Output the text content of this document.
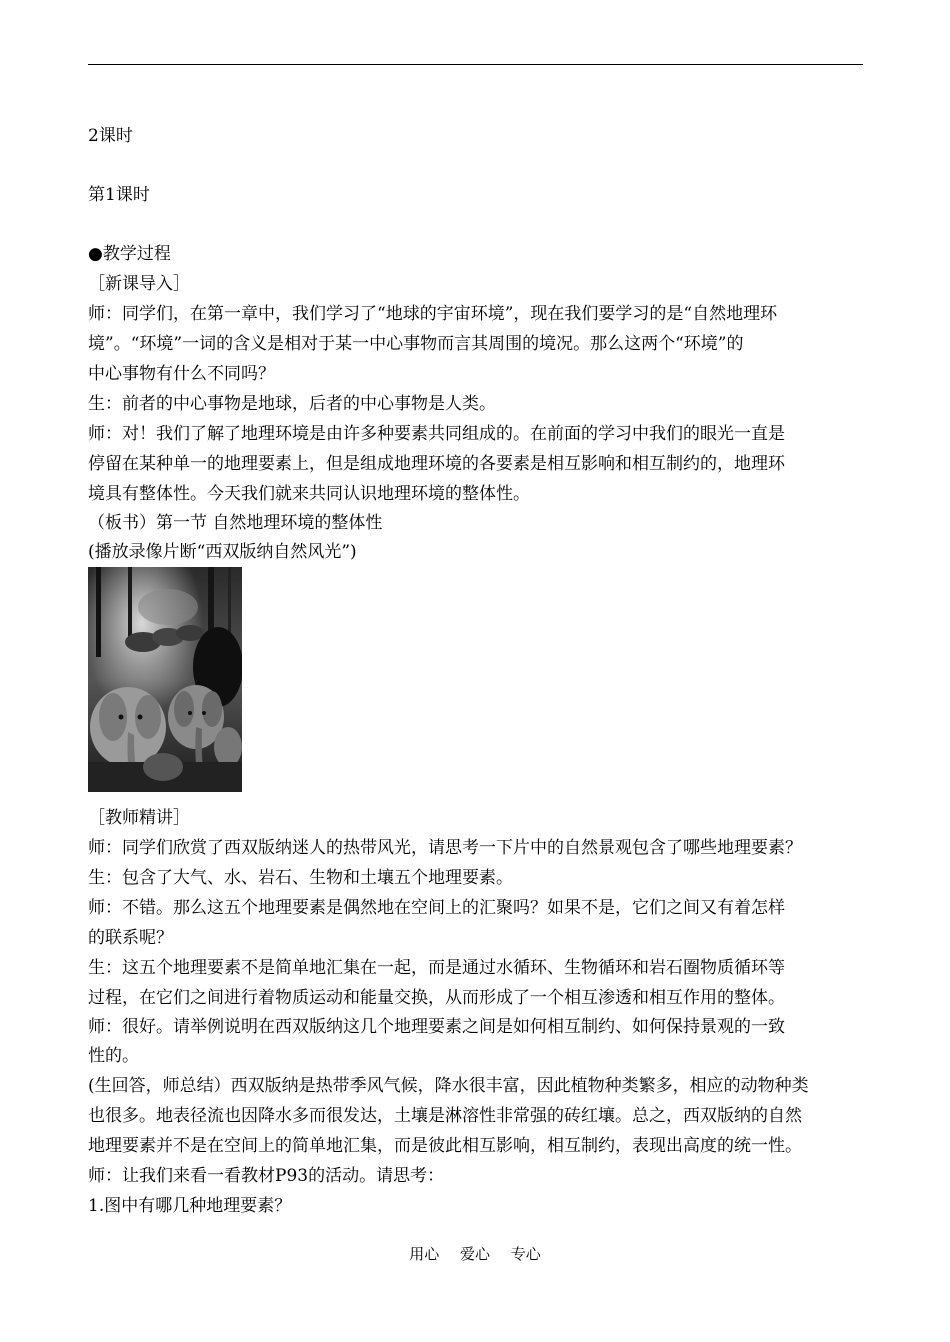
2课时
第1课时
●教学过程
［新课导入］
师：同学们，在第一章中，我们学习了“地球的宇宙环境”，现在我们要学习的是“自然地理环
境”。“环境”一词的含义是相对于某一中心事物而言其周围的境况。那么这两个“环境”的
中心事物有什么不同吗？
生：前者的中心事物是地球，后者的中心事物是人类。
师：对！我们了解了地理环境是由许多种要素共同组成的。在前面的学习中我们的眼光一直是
停留在某种单一的地理要素上，但是组成地理环境的各要素是相互影响和相互制约的，地理环
境具有整体性。今天我们就来共同认识地理环境的整体性。
（板书）第一节 自然地理环境的整体性
(播放录像片断“西双版纳自然风光”)
［教师精讲］
师：同学们欣赏了西双版纳迷人的热带风光，请思考一下片中的自然景观包含了哪些地理要素？
生：包含了大气、水、岩石、生物和土壤五个地理要素。
师：不错。那么这五个地理要素是偶然地在空间上的汇聚吗？如果不是，它们之间又有着怎样
的联系呢？
生：这五个地理要素不是简单地汇集在一起，而是通过水循环、生物循环和岩石圈物质循环等
过程，在它们之间进行着物质运动和能量交换，从而形成了一个相互渗透和相互作用的整体。
师：很好。请举例说明在西双版纳这几个地理要素之间是如何相互制约、如何保持景观的一致
性的。
(生回答，师总结）西双版纳是热带季风气候，降水很丰富，因此植物种类繁多，相应的动物种类
也很多。地表径流也因降水多而很发达，土壤是淋溶性非常强的砖红壤。总之，西双版纳的自然
地理要素并不是在空间上的简单地汇集，而是彼此相互影响，相互制约，表现出高度的统一性。
师：让我们来看一看教材P93的活动。请思考：
1.图中有哪几种地理要素？
用心 爱心 专心
